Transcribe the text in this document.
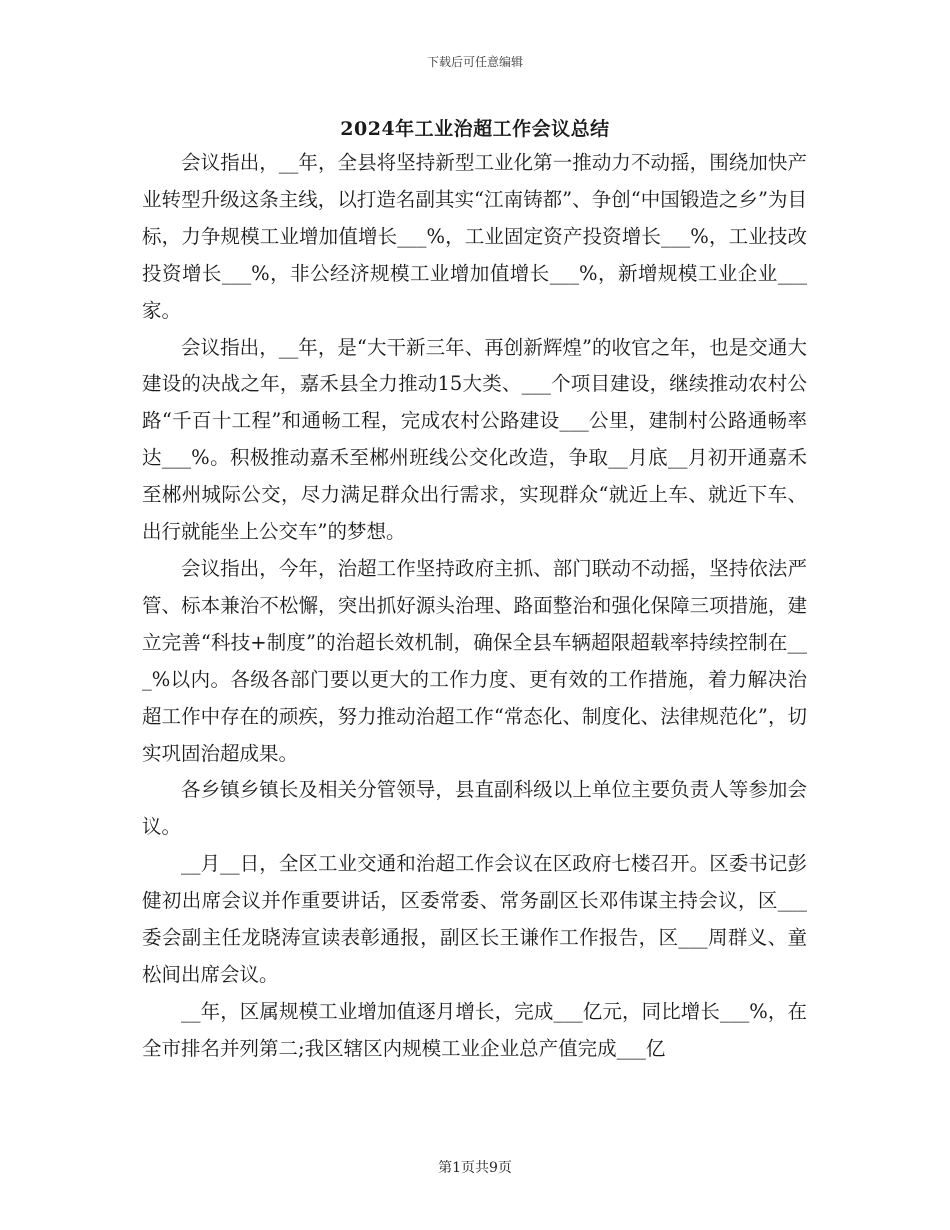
下载后可任意编辑
2024年工业治超工作会议总结

会议指出，__年，全县将坚持新型工业化第一推动力不动摇，围绕加快产业转型升级这条主线，以打造名副其实“江南铸都”、争创“中国锻造之乡”为目标，力争规模工业增加值增长___%，工业固定资产投资增长___%，工业技改投资增长___%，非公经济规模工业增加值增长___%，新增规模工业企业___家。

会议指出，__年，是“大干新三年、再创新辉煌”的收官之年，也是交通大建设的决战之年，嘉禾县全力推动15大类、___个项目建设，继续推动农村公路“千百十工程”和通畅工程，完成农村公路建设___公里，建制村公路通畅率达___%。积极推动嘉禾至郴州班线公交化改造，争取__月底__月初开通嘉禾至郴州城际公交，尽力满足群众出行需求，实现群众“就近上车、就近下车、出行就能坐上公交车”的梦想。

会议指出，今年，治超工作坚持政府主抓、部门联动不动摇，坚持依法严管、标本兼治不松懈，突出抓好源头治理、路面整治和强化保障三项措施，建立完善“科技+制度”的治超长效机制，确保全县车辆超限超载率持续控制在___%以内。各级各部门要以更大的工作力度、更有效的工作措施，着力解决治超工作中存在的顽疾，努力推动治超工作“常态化、制度化、法律规范化”，切实巩固治超成果。

各乡镇乡镇长及相关分管领导，县直副科级以上单位主要负责人等参加会议。

__月__日，全区工业交通和治超工作会议在区政府七楼召开。区委书记彭健初出席会议并作重要讲话，区委常委、常务副区长邓伟谋主持会议，区___委会副主任龙晓涛宣读表彰通报，副区长王谦作工作报告，区___周群义、童松间出席会议。

__年，区属规模工业增加值逐月增长，完成___亿元，同比增长___%，在全市排名并列第二;我区辖区内规模工业企业总产值完成___亿

第1页共9页
